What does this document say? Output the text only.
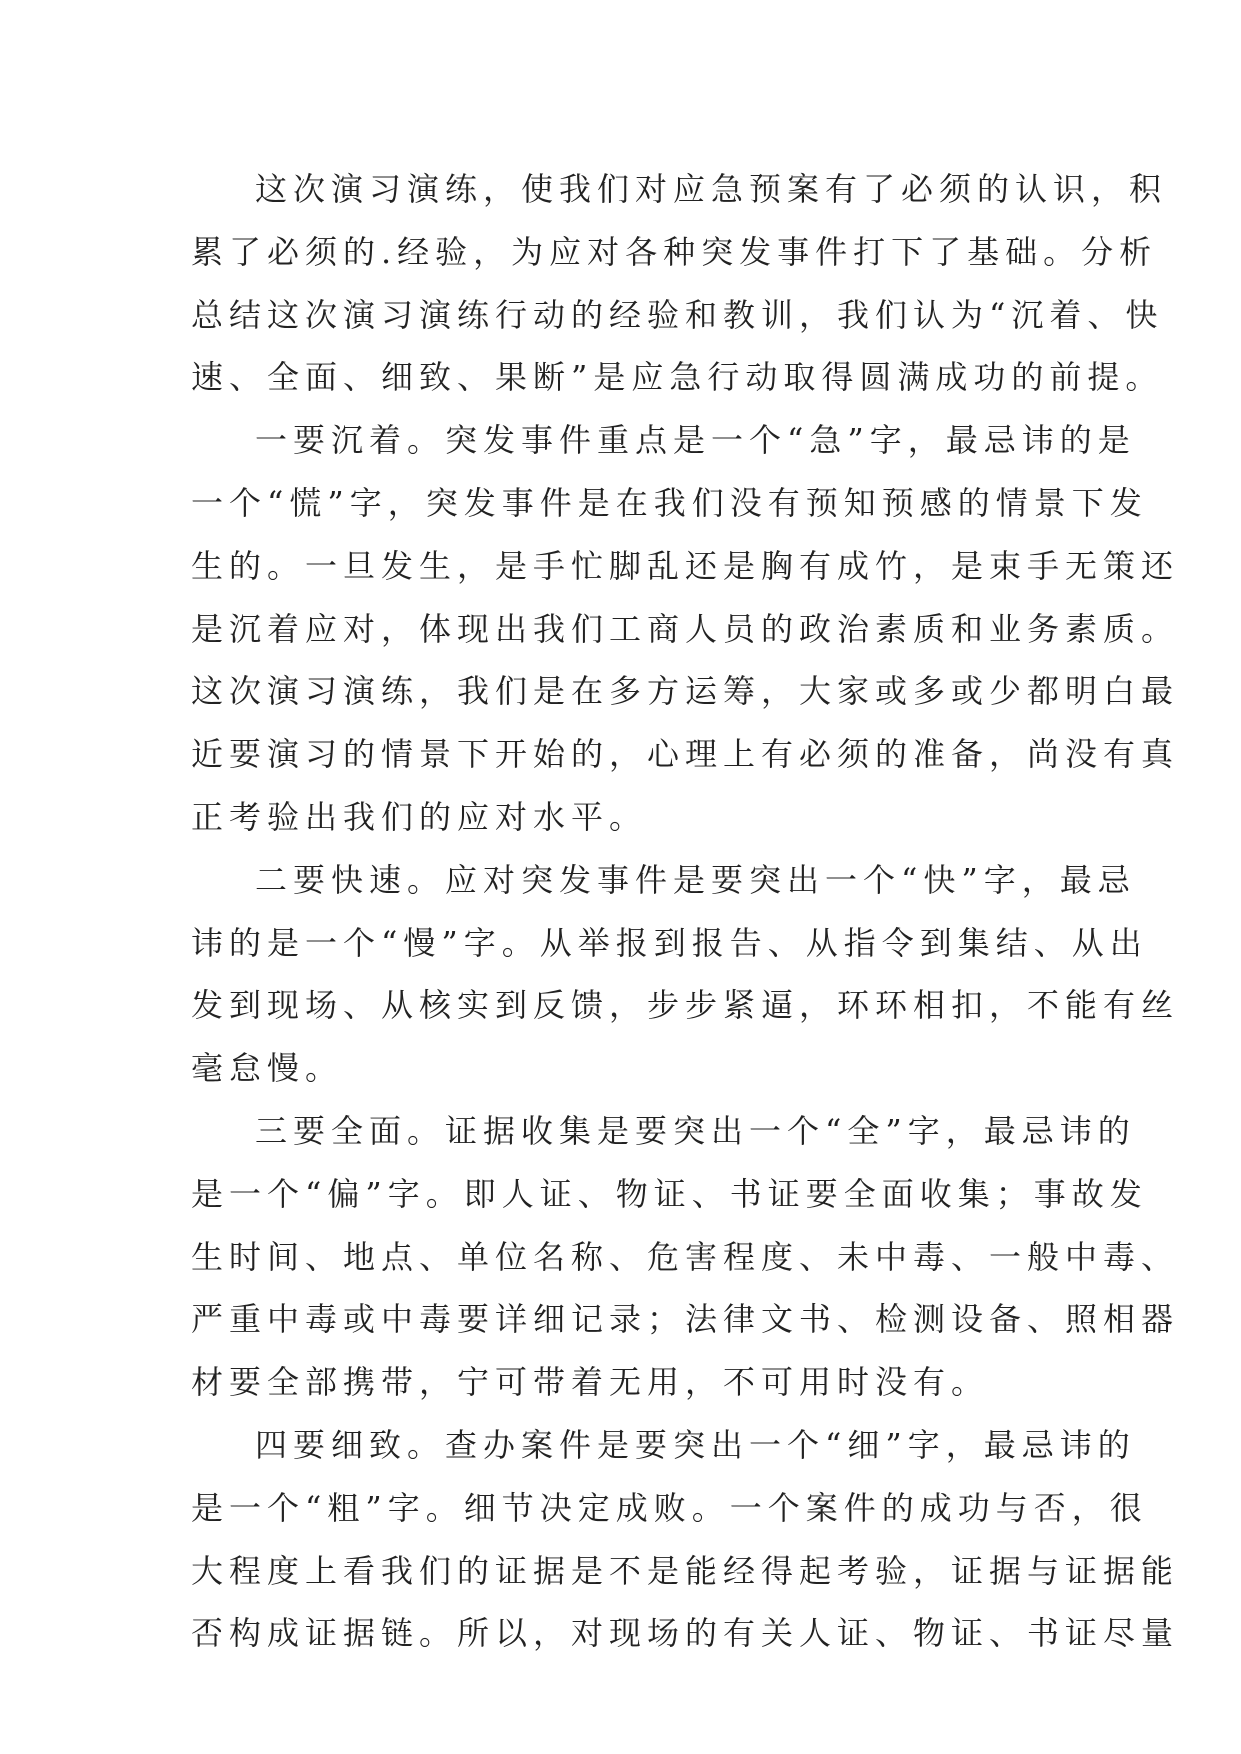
这次演习演练，使我们对应急预案有了必须的认识，积
累了必须的.经验，为应对各种突发事件打下了基础。分析
总结这次演习演练行动的经验和教训，我们认为“沉着、快
速、全面、细致、果断”是应急行动取得圆满成功的前提。
一要沉着。突发事件重点是一个“急”字，最忌讳的是
一个“慌”字，突发事件是在我们没有预知预感的情景下发
生的。一旦发生，是手忙脚乱还是胸有成竹，是束手无策还
是沉着应对，体现出我们工商人员的政治素质和业务素质。
这次演习演练，我们是在多方运筹，大家或多或少都明白最
近要演习的情景下开始的，心理上有必须的准备，尚没有真
正考验出我们的应对水平。
二要快速。应对突发事件是要突出一个“快”字，最忌
讳的是一个“慢”字。从举报到报告、从指令到集结、从出
发到现场、从核实到反馈，步步紧逼，环环相扣，不能有丝
毫怠慢。
三要全面。证据收集是要突出一个“全”字，最忌讳的
是一个“偏”字。即人证、物证、书证要全面收集；事故发
生时间、地点、单位名称、危害程度、未中毒、一般中毒、
严重中毒或中毒要详细记录；法律文书、检测设备、照相器
材要全部携带，宁可带着无用，不可用时没有。
四要细致。查办案件是要突出一个“细”字，最忌讳的
是一个“粗”字。细节决定成败。一个案件的成功与否，很
大程度上看我们的证据是不是能经得起考验，证据与证据能
否构成证据链。所以，对现场的有关人证、物证、书证尽量
